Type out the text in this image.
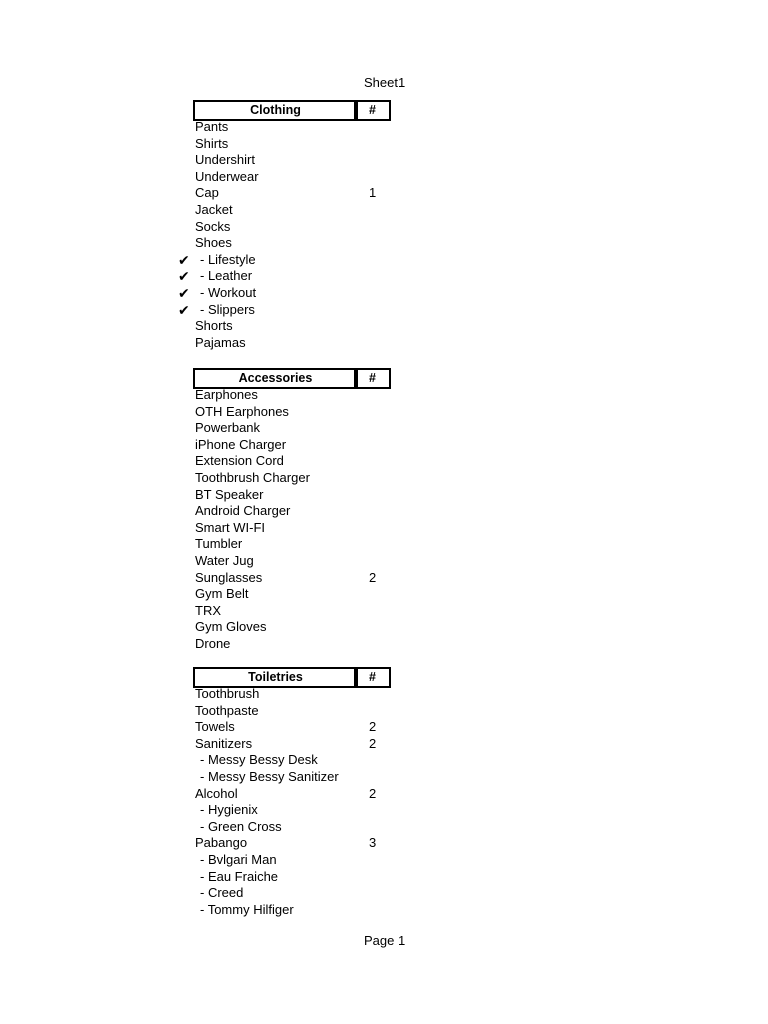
Sheet1
Clothing	#
Pants
Shirts
Undershirt
Underwear
Cap	1
Jacket
Socks
Shoes
✔ - Lifestyle
✔ - Leather
✔ - Workout
✔ - Slippers
Shorts
Pajamas
Accessories	#
Earphones
OTH Earphones
Powerbank
iPhone Charger
Extension Cord
Toothbrush Charger
BT Speaker
Android Charger
Smart WI-FI
Tumbler
Water Jug
Sunglasses	2
Gym Belt
TRX
Gym Gloves
Drone
Toiletries	#
Toothbrush
Toothpaste
Towels	2
Sanitizers	2
- Messy Bessy Desk
- Messy Bessy Sanitizer
Alcohol	2
- Hygienix
- Green Cross
Pabango	3
- Bvlgari Man
- Eau Fraiche
- Creed
- Tommy Hilfiger
Page 1
